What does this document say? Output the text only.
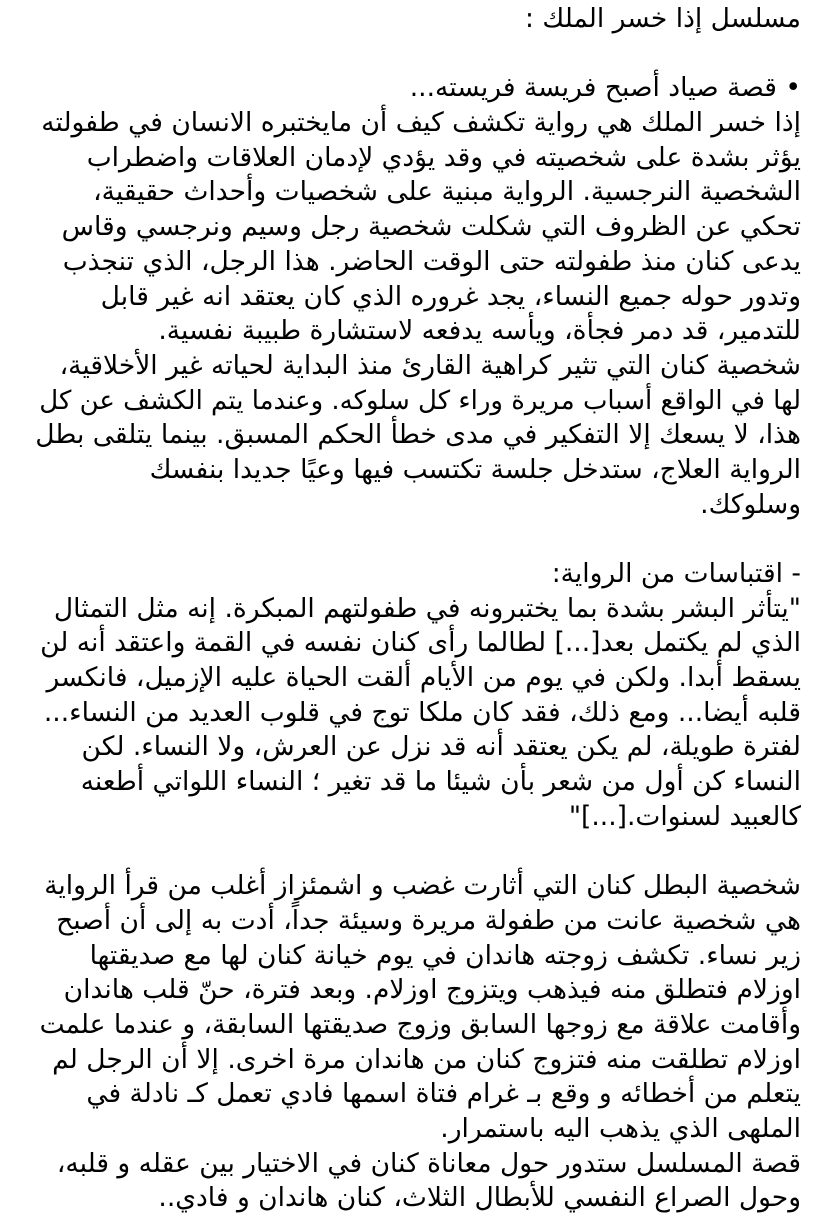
مسلسل إذا خسر الملك :
• قصة صياد أصبح فريسة فريسته...
إذا خسر الملك هي رواية تكشف كيف أن مايختبره الانسان في طفولته
يؤثر بشدة على شخصيته في وقد يؤدي لإدمان العلاقات واضطراب
الشخصية النرجسية. الرواية مبنية على شخصيات وأحداث حقيقية،
تحكي عن الظروف التي شكلت شخصية رجل وسيم ونرجسي وقاس
يدعى كنان منذ طفولته حتى الوقت الحاضر. هذا الرجل، الذي تنجذب
وتدور حوله جميع النساء، يجد غروره الذي كان يعتقد انه غير قابل
للتدمير، قد دمر فجأة، ويأسه يدفعه لاستشارة طبيبة نفسية.
شخصية كنان التي تثير كراهية القارئ منذ البداية لحياته غير الأخلاقية،
لها في الواقع أسباب مريرة وراء كل سلوكه. وعندما يتم الكشف عن كل
هذا، لا يسعك إلا التفكير في مدى خطأ الحكم المسبق. بينما يتلقى بطل
الرواية العلاج، ستدخل جلسة تكتسب فيها وعيًا جديدا بنفسك
وسلوكك.
- اقتباسات من الرواية:
"يتأثر البشر بشدة بما يختبرونه في طفولتهم المبكرة. إنه مثل التمثال
الذي لم يكتمل بعد[...] لطالما رأى كنان نفسه في القمة واعتقد أنه لن
يسقط أبدا. ولكن في يوم من الأيام ألقت الحياة عليه الإزميل، فانكسر
قلبه أيضا... ومع ذلك، فقد كان ملكا توج في قلوب العديد من النساء...
لفترة طويلة، لم يكن يعتقد أنه قد نزل عن العرش، ولا النساء. لكن
النساء كن أول من شعر بأن شيئا ما قد تغير ؛ النساء اللواتي أطعنه
كالعبيد لسنوات.[...]"
شخصية البطل كنان التي أثارت غضب و اشمئزاز أغلب من قرأ الرواية
هي شخصية عانت من طفولة مريرة وسيئة جداً، أدت به إلى أن أصبح
زير نساء. تكشف زوجته هاندان في يوم خيانة كنان لها مع صديقتها
اوزلام فتطلق منه فيذهب ويتزوج اوزلام. وبعد فترة، حنّ قلب هاندان
وأقامت علاقة مع زوجها السابق وزوج صديقتها السابقة، و عندما علمت
اوزلام تطلقت منه فتزوج كنان من هاندان مرة اخرى. إلا أن الرجل لم
يتعلم من أخطائه و وقع بـ غرام فتاة اسمها فادي تعمل كـ نادلة في
الملهى الذي يذهب اليه باستمرار.
قصة المسلسل ستدور حول معاناة كنان في الاختيار بين عقله و قلبه،
وحول الصراع النفسي للأبطال الثلاث، كنان هاندان و فادي..
